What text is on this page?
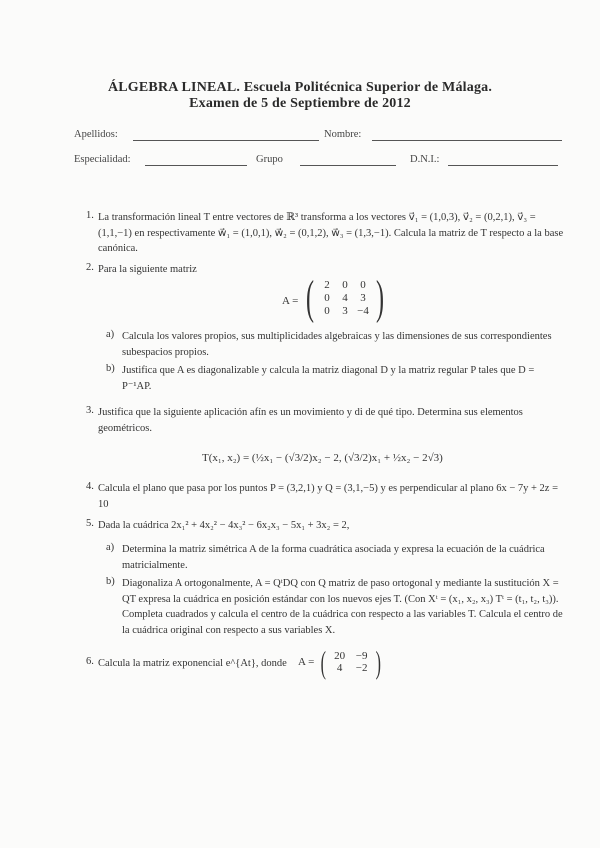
ÁLGEBRA LINEAL. Escuela Politécnica Superior de Málaga.
Examen de 5 de Septiembre de 2012
Apellidos:	Nombre:
Especialidad:	Grupo	D.N.I.:
1. La transformación lineal T entre vectores de ℝ³ transforma a los vectores v⃗₁ = (1,0,3), v⃗₂ = (0,2,1), v⃗₃ = (1,1,−1) en respectivamente w⃗₁ = (1,0,1), w⃗₂ = (0,1,2), w⃗₃ = (1,3,−1). Calcula la matriz de T respecto a la base canónica.
2. Para la siguiente matriz
A = ( 2	0	0
0	4	3
0	3 −4 )
a) Calcula los valores propios, sus multiplicidades algebraicas y las dimensiones de sus correspondientes subespacios propios.
b) Justifica que A es diagonalizable y calcula la matriz diagonal D y la matriz regular P tales que D = P⁻¹AP.
3. Justifica que la siguiente aplicación afín es un movimiento y di de qué tipo. Determina sus elementos geométricos.
T(x₁, x₂) = (½x₁ − (√3/2)x₂ − 2, (√3/2)x₁ + ½x₂ − 2√3)
4. Calcula el plano que pasa por los puntos P = (3,2,1) y Q = (3,1,−5) y es perpendicular al plano 6x − 7y + 2z = 10
5. Dada la cuádrica 2x₁² + 4x₂² − 4x₃² − 6x₂x₃ − 5x₁ + 3x₂ = 2,
a) Determina la matriz simétrica A de la forma cuadrática asociada y expresa la ecuación de la cuádrica matricialmente.
b) Diagonaliza A ortogonalmente, A = QᵗDQ con Q matriz de paso ortogonal y mediante la sustitución X = QT expresa la cuádrica en posición estándar con los nuevos ejes T. (Con Xᵗ = (x₁, x₂, x₃) Tᵗ = (t₁, t₂, t₃)). Completa cuadrados y calcula el centro de la cuádrica con respecto a las variables T. Calcula el centro de la cuádrica original con respecto a sus variables X.
6. Calcula la matriz exponencial e^{At}, donde	A = ( 20 −9
4	−2 )
